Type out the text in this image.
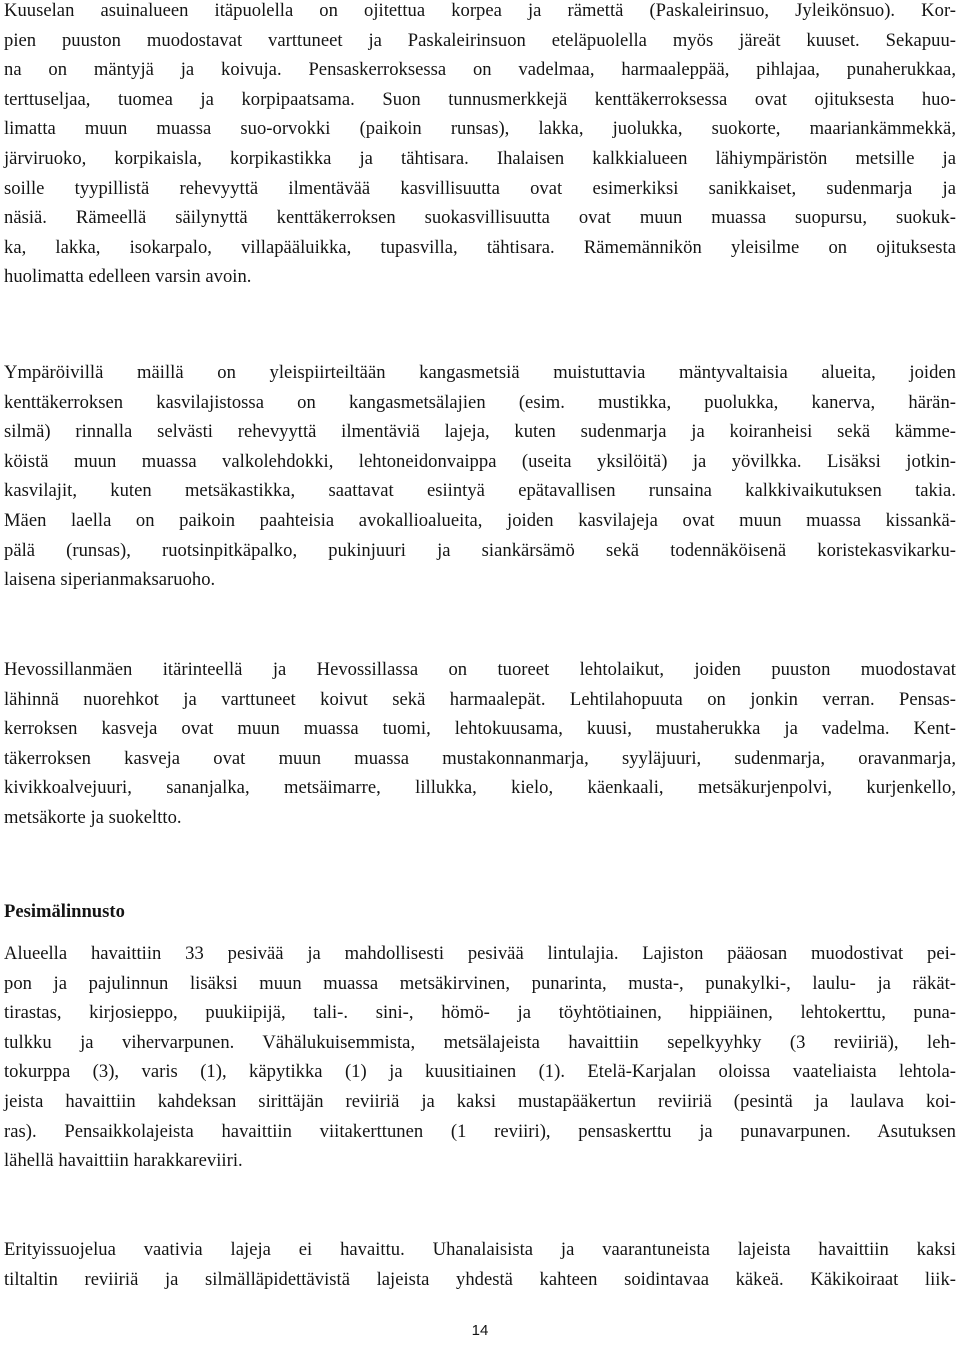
Kuuselan asuinalueen itäpuolella on ojitettua korpea ja rämettä (Paskaleirinsuo, Jyleikönsuo). Kor-
pien puuston muodostavat varttuneet ja Paskaleirinsuon eteläpuolella myös järeät kuuset. Sekapuu-
na on mäntyjä ja koivuja. Pensaskerroksessa on vadelmaa, harmaaleppää, pihlajaa, punaherukkaa,
terttuseljaa, tuomea ja korpipaatsama. Suon tunnusmerkkejä kenttäkerroksessa ovat ojituksesta huo-
limatta muun muassa suo-orvokki (paikoin runsas), lakka, juolukka, suokorte, maariankämmekkä,
järviruoko, korpikaisla, korpikastikka ja tähtisara. Ihalaisen kalkkialueen lähiympäristön metsille ja
soille tyypillistä rehevyyttä ilmentävää kasvillisuutta ovat esimerkiksi sanikkaiset, sudenmarja ja
näsiä. Rämeellä säilynyttä kenttäkerroksen suokasvillisuutta ovat muun muassa suopursu, suokuk-
ka, lakka, isokarpalo, villapääluikka, tupasvilla, tähtisara. Rämemännikön yleisilme on ojituksesta
huolimatta edelleen varsin avoin.
Ympäröivillä mäillä on yleispiirteiltään kangasmetsiä muistuttavia mäntyvaltaisia alueita, joiden
kenttäkerroksen kasvilajistossa on kangasmetsälajien (esim. mustikka, puolukka, kanerva, härän-
silmä) rinnalla selvästi rehevyyttä ilmentäviä lajeja, kuten sudenmarja ja koiranheisi sekä kämme-
köistä muun muassa valkolehdokki, lehtoneidonvaippa (useita yksilöitä) ja yövilkka. Lisäksi jotkin-
kasvilajit, kuten metsäkastikka, saattavat esiintyä epätavallisen runsaina kalkkivaikutuksen takia.
Mäen laella on paikoin paahteisia avokallioalueita, joiden kasvilajeja ovat muun muassa kissankä-
pälä (runsas), ruotsinpitkäpalko, pukinjuuri ja siankärsämö sekä todennäköisenä koristekasvikarku-
laisena siperianmaksaruoho.
Hevossillanmäen itärinteellä ja Hevossillassa on tuoreet lehtolaikut, joiden puuston muodostavat
lähinnä nuorehkot ja varttuneet koivut sekä harmaalepät. Lehtilahopuuta on jonkin verran. Pensas-
kerroksen kasveja ovat muun muassa tuomi, lehtokuusama, kuusi, mustaherukka ja vadelma. Kent-
täkerroksen kasveja ovat muun muassa mustakonnanmarja, syyläjuuri, sudenmarja, oravanmarja,
kivikkoalvejuuri, sananjalka, metsäimarre, lillukka, kielo, käenkaali, metsäkurjenpolvi, kurjenkello,
metsäkorte ja suokeltto.
Pesimälinnusto
Alueella havaittiin 33 pesivää ja mahdollisesti pesivää lintulajia. Lajiston pääosan muodostivat pei-
pon ja pajulinnun lisäksi muun muassa metsäkirvinen, punarinta, musta-, punakylki-, laulu- ja räkät-
tirastas, kirjosieppo, puukiipijä, tali-. sini-, hömö- ja töyhtötiainen, hippiäinen, lehtokerttu, puna-
tulkku ja vihervarpunen. Vähälukuisemmista, metsälajeista havaittiin sepelkyyhky (3 reviiriä), leh-
tokurppa (3), varis (1), käpytikka (1) ja kuusitiainen (1). Etelä-Karjalan oloissa vaateliaista lehtola-
jeista havaittiin kahdeksan sirittäjän reviiriä ja kaksi mustapääkertun reviiriä (pesintä ja laulava koi-
ras). Pensaikkolajeista havaittiin viitakerttunen (1 reviiri), pensaskerttu ja punavarpunen. Asutuksen
lähellä havaittiin harakkareviiri.
Erityissuojelua vaativia lajeja ei havaittu. Uhanalaisista ja vaarantuneista lajeista havaittiin kaksi
tiltaltin reviiriä ja silmälläpidettävistä lajeista yhdestä kahteen soidintavaa käkeä. Käkikoiraat liik-
14
